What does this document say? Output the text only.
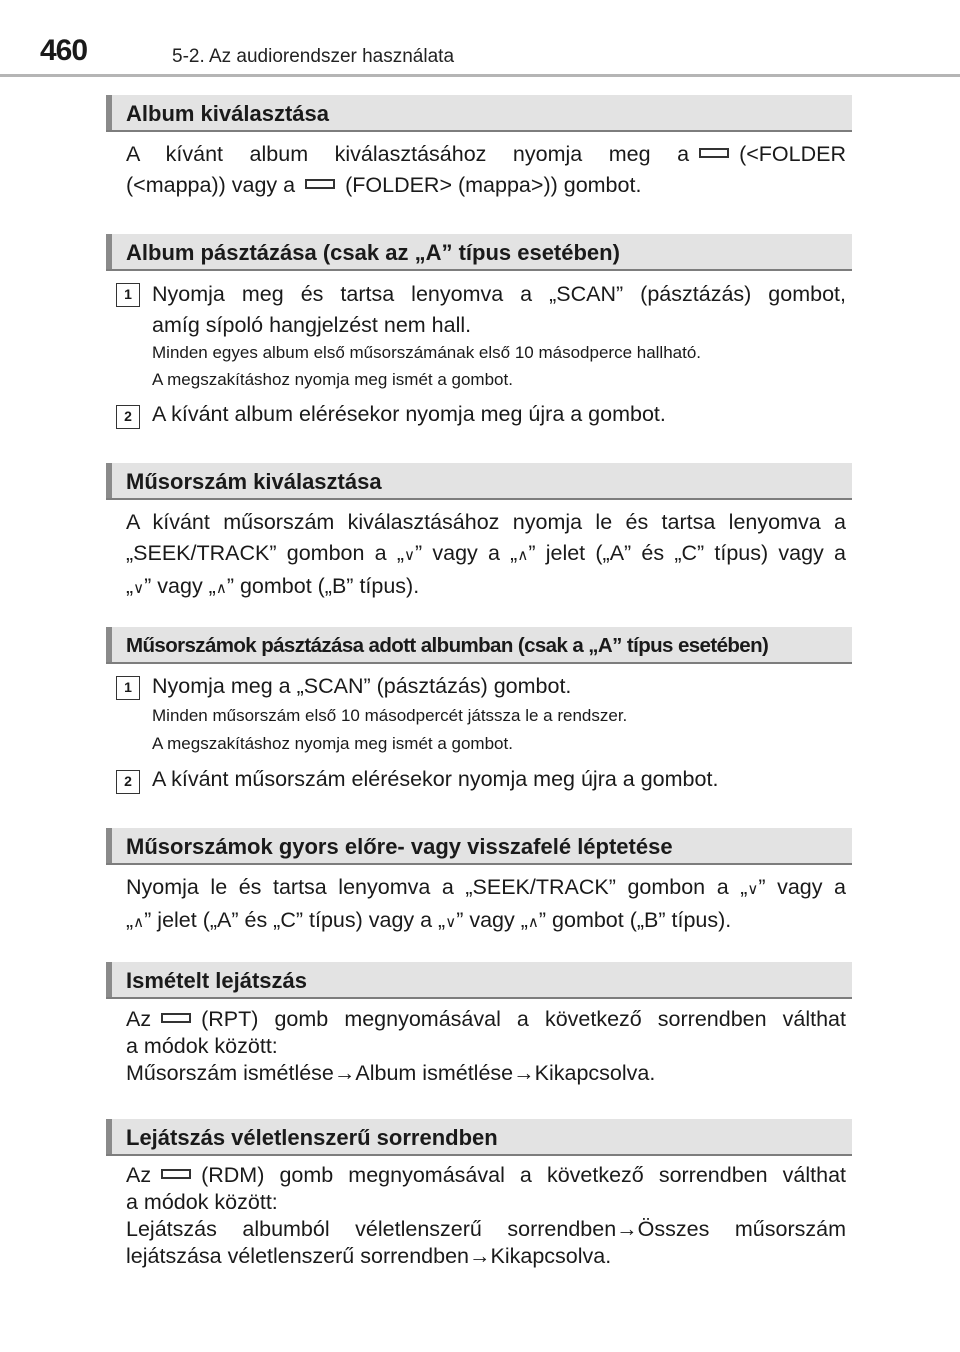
460	5-2. Az audiorendszer használata
Album kiválasztása
A kívánt album kiválasztásához nyomja meg a (<FOLDER
(<mappa)) vagy a (FOLDER> (mappa>)) gombot.
Album pásztázása (csak az „A” típus esetében)
1 Nyomja meg és tartsa lenyomva a „SCAN” (pásztázás) gombot,
amíg sípoló hangjelzést nem hall.

Minden egyes album első műsorszámának első 10 másodperce hallható.

A megszakításhoz nyomja meg ismét a gombot.

2 A kívánt album elérésekor nyomja meg újra a gombot.
Műsorszám kiválasztása
A kívánt műsorszám kiválasztásához nyomja le és tartsa lenyomva a
„SEEK/TRACK” gombon a „∨” vagy a „∧” jelet („A” és „C” típus) vagy a
„∨” vagy „∧” gombot („B” típus).
Műsorszámok pásztázása adott albumban (csak a „A” típus esetében)
1 Nyomja meg a „SCAN” (pásztázás) gombot.

Minden műsorszám első 10 másodpercét játssza le a rendszer.

A megszakításhoz nyomja meg ismét a gombot.

2 A kívánt műsorszám elérésekor nyomja meg újra a gombot.
Műsorszámok gyors előre- vagy visszafelé léptetése
Nyomja le és tartsa lenyomva a „SEEK/TRACK” gombon a „∨” vagy a
„∧” jelet („A” és „C” típus) vagy a „∨” vagy „∧” gombot („B” típus).
Ismételt lejátszás
Az (RPT) gomb megnyomásával a következő sorrendben válthat
a módok között:
Műsorszám ismétlése→Album ismétlése→Kikapcsolva.
Lejátszás véletlenszerű sorrendben
Az (RDM) gomb megnyomásával a következő sorrendben válthat
a módok között:
Lejátszás albumból véletlenszerű sorrendben→Összes műsorszám
lejátszása véletlenszerű sorrendben→Kikapcsolva.
